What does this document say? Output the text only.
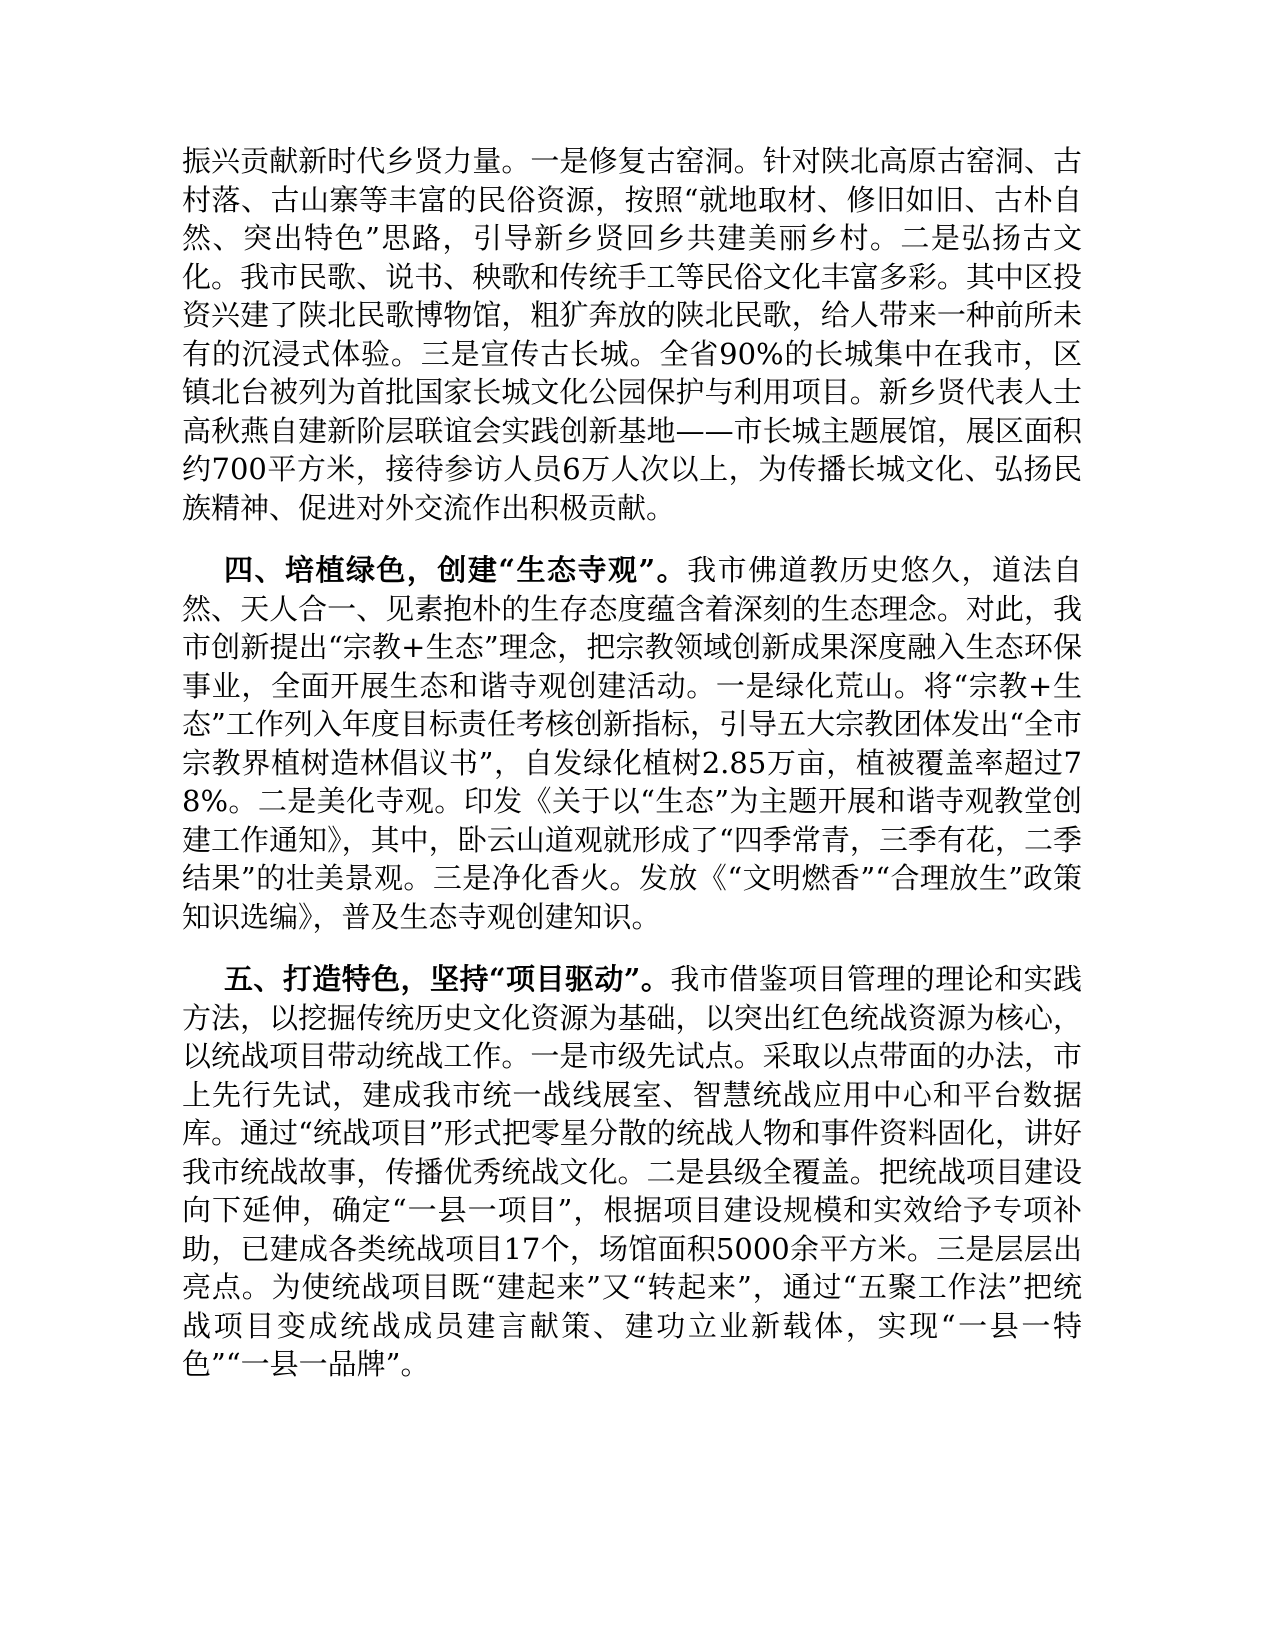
振兴贡献新时代乡贤力量。一是修复古窑洞。针对陕北高原古窑洞、古村落、古山寨等丰富的民俗资源，按照“就地取材、修旧如旧、古朴自然、突出特色”思路，引导新乡贤回乡共建美丽乡村。二是弘扬古文化。我市民歌、说书、秧歌和传统手工等民俗文化丰富多彩。其中区投资兴建了陕北民歌博物馆，粗犷奔放的陕北民歌，给人带来一种前所未有的沉浸式体验。三是宣传古长城。全省90%的长城集中在我市，区镇北台被列为首批国家长城文化公园保护与利用项目。新乡贤代表人士高秋燕自建新阶层联谊会实践创新基地——市长城主题展馆，展区面积约700平方米，接待参访人员6万人次以上，为传播长城文化、弘扬民族精神、促进对外交流作出积极贡献。

四、培植绿色，创建“生态寺观”。我市佛道教历史悠久，道法自然、天人合一、见素抱朴的生存态度蕴含着深刻的生态理念。对此，我市创新提出“宗教+生态”理念，把宗教领域创新成果深度融入生态环保事业，全面开展生态和谐寺观创建活动。一是绿化荒山。将“宗教+生态”工作列入年度目标责任考核创新指标，引导五大宗教团体发出“全市宗教界植树造林倡议书”，自发绿化植树2.85万亩，植被覆盖率超过78%。二是美化寺观。印发《关于以“生态”为主题开展和谐寺观教堂创建工作通知》，其中，卧云山道观就形成了“四季常青，三季有花，二季结果”的壮美景观。三是净化香火。发放《“文明燃香”“合理放生”政策知识选编》，普及生态寺观创建知识。

五、打造特色，坚持“项目驱动”。我市借鉴项目管理的理论和实践方法，以挖掘传统历史文化资源为基础，以突出红色统战资源为核心，以统战项目带动统战工作。一是市级先试点。采取以点带面的办法，市上先行先试，建成我市统一战线展室、智慧统战应用中心和平台数据库。通过“统战项目”形式把零星分散的统战人物和事件资料固化，讲好我市统战故事，传播优秀统战文化。二是县级全覆盖。把统战项目建设向下延伸，确定“一县一项目”，根据项目建设规模和实效给予专项补助，已建成各类统战项目17个，场馆面积5000余平方米。三是层层出亮点。为使统战项目既“建起来”又“转起来”，通过“五聚工作法”把统战项目变成统战成员建言献策、建功立业新载体，实现“一县一特色”“一县一品牌”。
